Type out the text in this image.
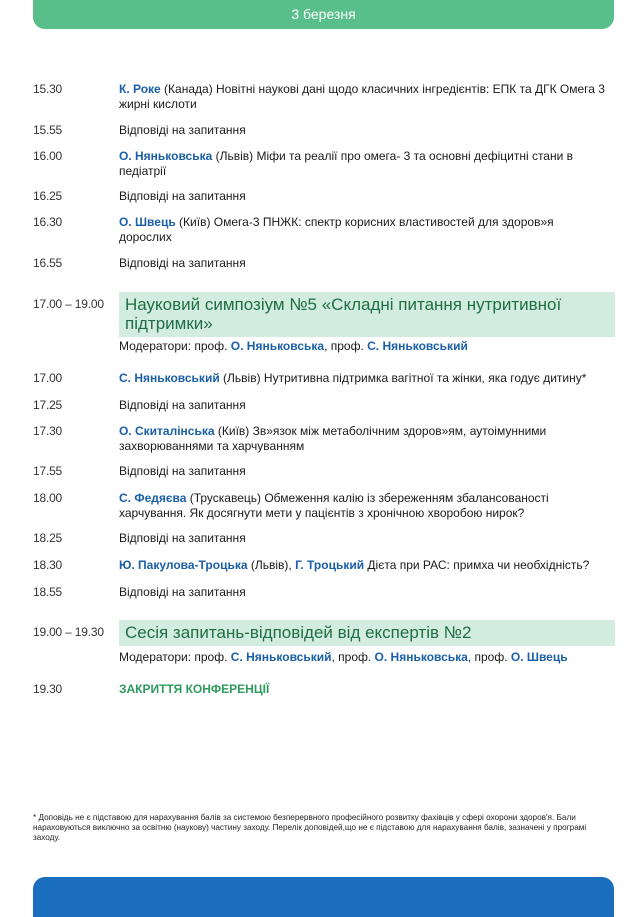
3 березня
15.30	К. Роке (Канада) Новітні наукові дані щодо класичних інгредієнтів: ЕПК та ДГК Омега 3 жирні кислоти
15.55	Відповіді на запитання
16.00	О. Няньковська (Львів) Міфи та реалії про омега- 3 та основні дефіцитні стани в педіатрії
16.25	Відповіді на запитання
16.30	О. Швець (Київ) Омега-3 ПНЖК: спектр корисних властивостей для здоров»я дорослих
16.55	Відповіді на запитання
17.00 – 19.00	Науковий симпозіум №5 «Складні питання нутритивної підтримки»
Модератори: проф. О. Няньковська, проф. С. Няньковський
17.00	С. Няньковський (Львів) Нутритивна підтримка вагітної та жінки, яка годує дитину*
17.25	Відповіді на запитання
17.30	О. Скиталінська (Київ) Зв»язок між метаболічним здоров»ям, аутоімунними захворюваннями та харчуванням
17.55	Відповіді на запитання
18.00	С. Федяєва (Трускавець) Обмеження калію із збереженням збалансованості харчування. Як досягнути мети у пацієнтів з хронічною хворобою нирок?
18.25	Відповіді на запитання
18.30	Ю. Пакулова-Троцька (Львів), Г. Троцький Дієта при РАС: примха чи необхідність?
18.55	Відповіді на запитання
19.00 – 19.30	Сесія запитань-відповідей від експертів №2
Модератори: проф. С. Няньковський, проф. О. Няньковська, проф. О. Швець
19.30	ЗАКРИТТЯ КОНФЕРЕНЦІЇ
* Доповідь не є підставою для нарахування балів за системою безперервного професійного розвитку фахівців у сфері охорони здоров'я. Бали нараховуються виключно за освітню (наукову) частину заходу. Перелік доповідей,що не є підставою для нарахування балів, зазначені у програмі заходу.
